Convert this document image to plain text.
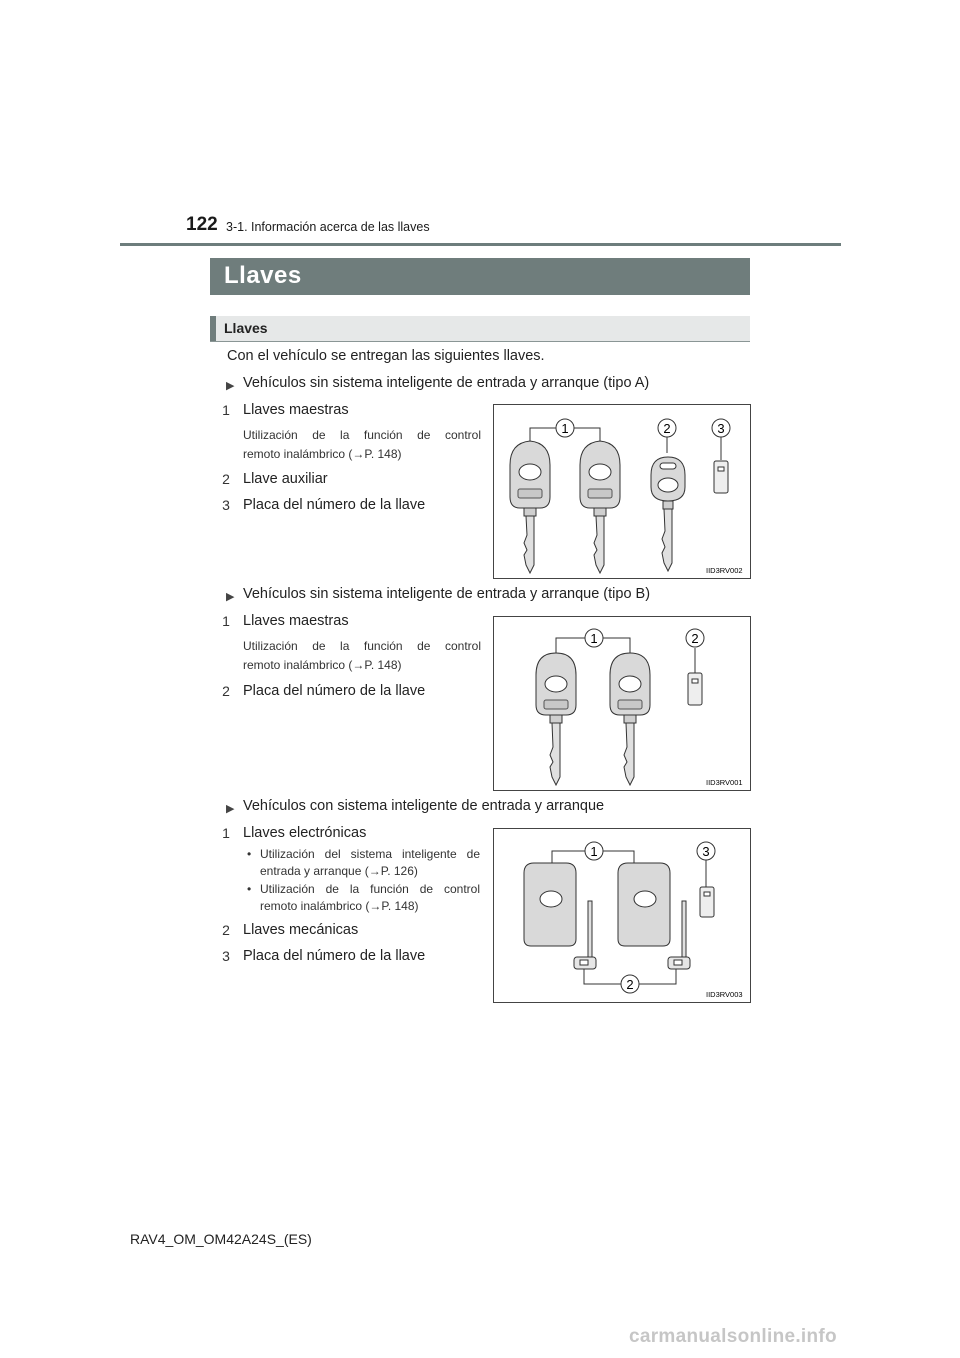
122 3-1. Información acerca de las llaves
Llaves
Llaves
Con el vehículo se entregan las siguientes llaves.
▶ Vehículos sin sistema inteligente de entrada y arranque (tipo A)
1 Llaves maestras
Utilización de la función de control
remoto inalámbrico (→P. 148)
2 Llave auxiliar
3 Placa del número de la llave
1	2	3
IID3RV002
▶ Vehículos sin sistema inteligente de entrada y arranque (tipo B)
1 Llaves maestras
Utilización de la función de control
remoto inalámbrico (→P. 148)
2 Placa del número de la llave
1	2
IID3RV001
▶ Vehículos con sistema inteligente de entrada y arranque
1 Llaves electrónicas
• Utilización del sistema inteligente de
entrada y arranque (→P. 126)
• Utilización de la función de control
remoto inalámbrico (→P. 148)
2 Llaves mecánicas
3 Placa del número de la llave
1	3
2
IID3RV003
RAV4_OM_OM42A24S_(ES)
carmanualsonline.info
